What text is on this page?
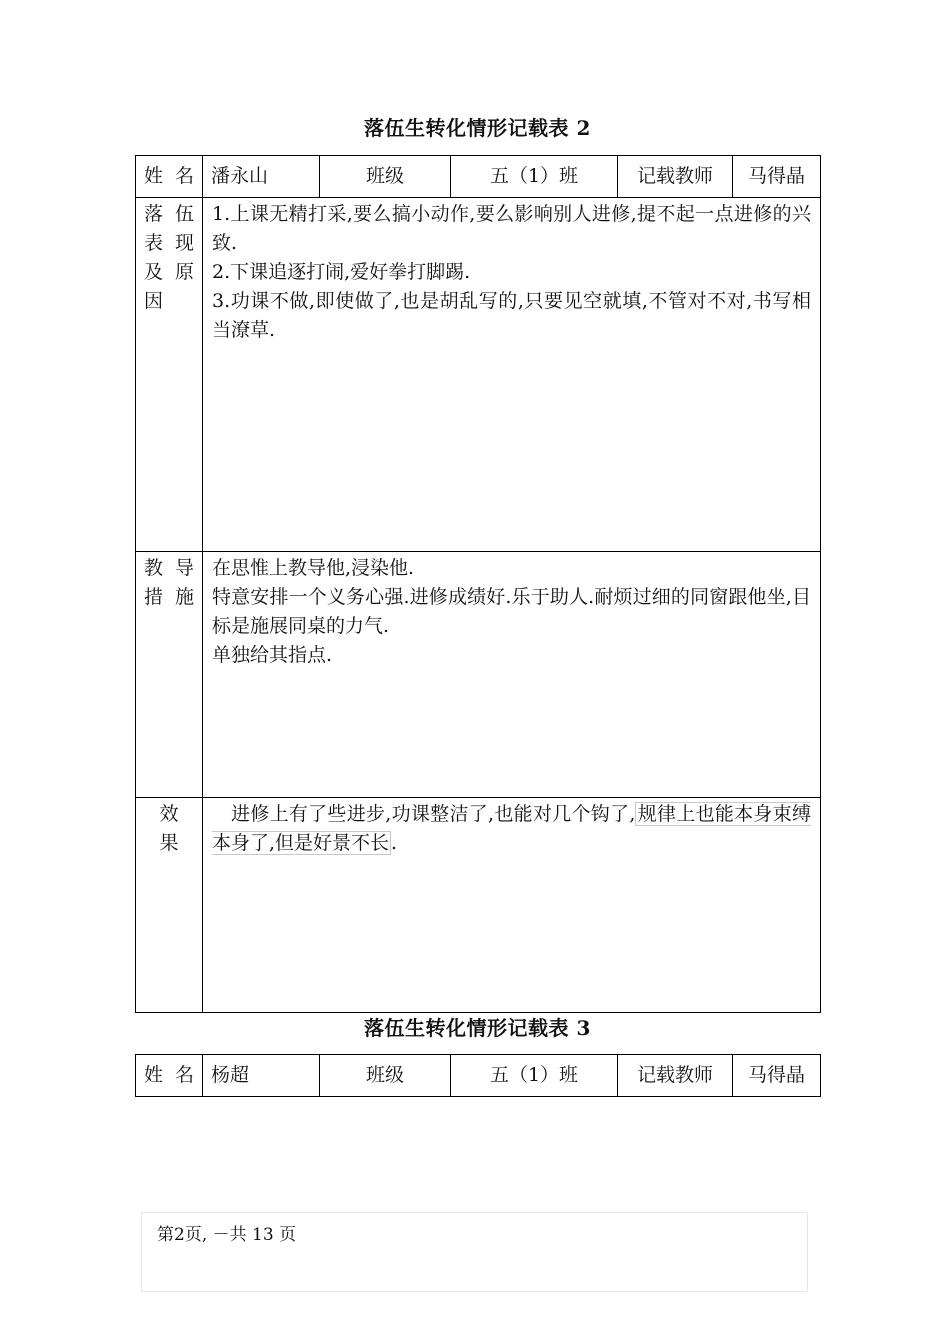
落伍生转化情形记载表 2
姓名	潘永山	班级	五（1）班	记载教师	马得晶

落伍表现及原因	1.上课无精打采,要么搞小动作,要么影响别人进修,提不起一点进修的兴致.

2.下课追逐打闹,爱好拳打脚踢.

3.功课不做,即使做了,也是胡乱写的,只要见空就填,不管对不对,书写相当潦草.				

教导措施	在思惟上教导他,浸染他.

特意安排一个义务心强.进修成绩好.乐于助人.耐烦过细的同窗跟他坐,目标是施展同桌的力气.

单独给其指点.				

效果	进修上有了些进步,功课整洁了,也能对几个钩了, 规律上也能本身束缚本身了,但是好景不长 .				

落伍生转化情形记载表 3
姓名	杨超	班级	五（1）班	记载教师	马得晶
第2页, －共 13 页
